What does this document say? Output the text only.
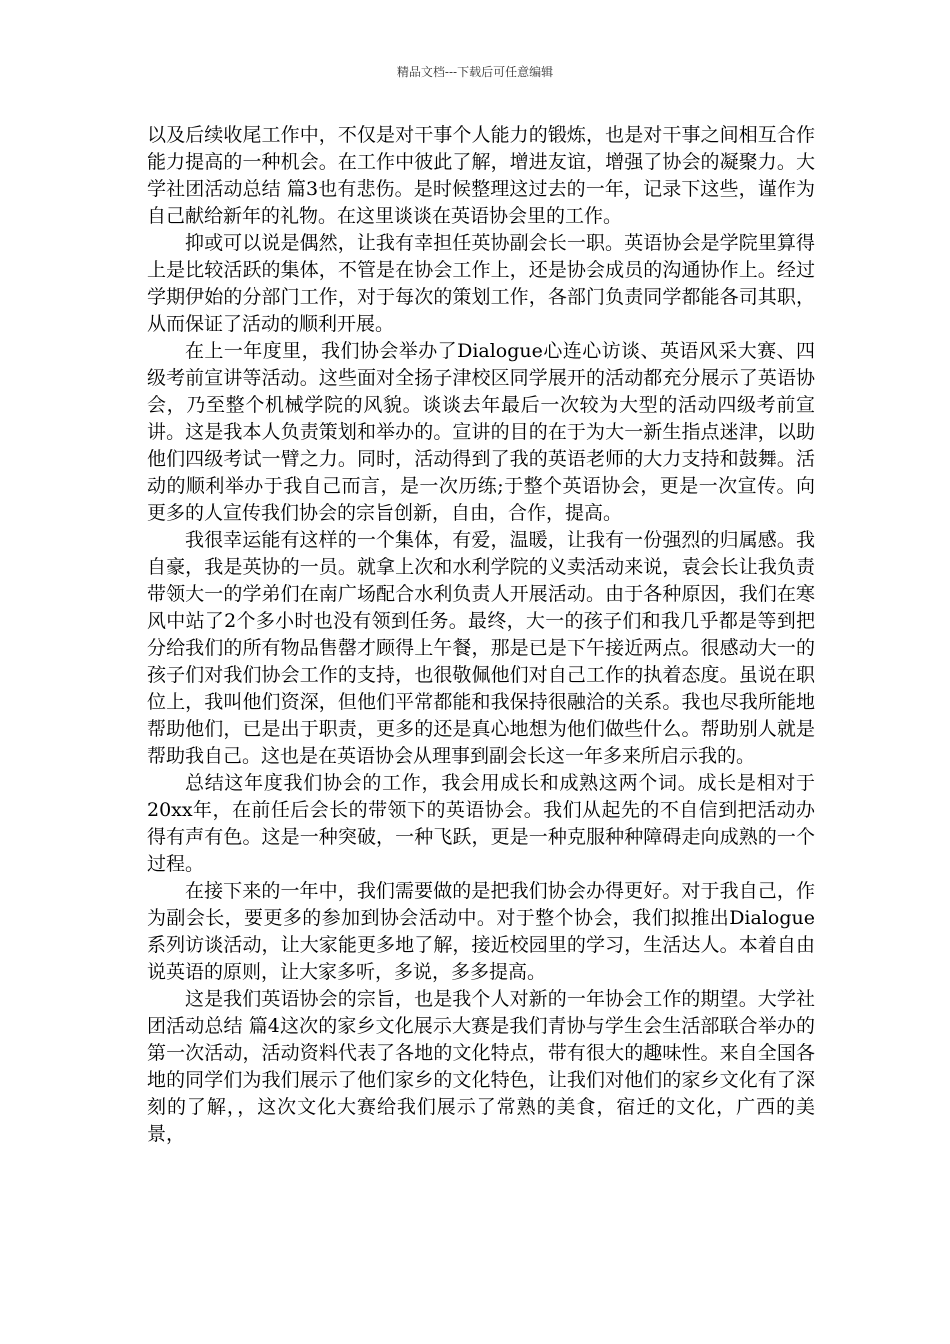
精品文档---下载后可任意编辑

以及后续收尾工作中，不仅是对干事个人能力的锻炼，也是对干事之间相互合作能力提高的一种机会。在工作中彼此了解，增进友谊，增强了协会的凝聚力。大学社团活动总结 篇3也有悲伤。是时候整理这过去的一年，记录下这些，谨作为自己献给新年的礼物。在这里谈谈在英语协会里的工作。

抑或可以说是偶然，让我有幸担任英协副会长一职。英语协会是学院里算得上是比较活跃的集体，不管是在协会工作上，还是协会成员的沟通协作上。经过学期伊始的分部门工作，对于每次的策划工作，各部门负责同学都能各司其职，从而保证了活动的顺利开展。

在上一年度里，我们协会举办了Dialogue心连心访谈、英语风采大赛、四级考前宣讲等活动。这些面对全扬子津校区同学展开的活动都充分展示了英语协会，乃至整个机械学院的风貌。谈谈去年最后一次较为大型的活动四级考前宣讲。这是我本人负责策划和举办的。宣讲的目的在于为大一新生指点迷津，以助他们四级考试一臂之力。同时，活动得到了我的英语老师的大力支持和鼓舞。活动的顺利举办于我自己而言，是一次历练;于整个英语协会，更是一次宣传。向更多的人宣传我们协会的宗旨创新，自由，合作，提高。

我很幸运能有这样的一个集体，有爱，温暖，让我有一份强烈的归属感。我自豪，我是英协的一员。就拿上次和水利学院的义卖活动来说，袁会长让我负责带领大一的学弟们在南广场配合水利负责人开展活动。由于各种原因，我们在寒风中站了2个多小时也没有领到任务。最终，大一的孩子们和我几乎都是等到把分给我们的所有物品售罄才顾得上午餐，那是已是下午接近两点。很感动大一的孩子们对我们协会工作的支持，也很敬佩他们对自己工作的执着态度。虽说在职位上，我叫他们资深，但他们平常都能和我保持很融洽的关系。我也尽我所能地帮助他们，已是出于职责，更多的还是真心地想为他们做些什么。帮助别人就是帮助我自己。这也是在英语协会从理事到副会长这一年多来所启示我的。

总结这年度我们协会的工作，我会用成长和成熟这两个词。成长是相对于20xx年，在前任后会长的带领下的英语协会。我们从起先的不自信到把活动办得有声有色。这是一种突破，一种飞跃，更是一种克服种种障碍走向成熟的一个过程。

在接下来的一年中，我们需要做的是把我们协会办得更好。对于我自己，作为副会长，要更多的参加到协会活动中。对于整个协会，我们拟推出Dialogue系列访谈活动，让大家能更多地了解，接近校园里的学习，生活达人。本着自由说英语的原则，让大家多听，多说，多多提高。

这是我们英语协会的宗旨，也是我个人对新的一年协会工作的期望。大学社团活动总结 篇4这次的家乡文化展示大赛是我们青协与学生会生活部联合举办的第一次活动，活动资料代表了各地的文化特点，带有很大的趣味性。来自全国各地的同学们为我们展示了他们家乡的文化特色，让我们对他们的家乡文化有了深刻的了解，，这次文化大赛给我们展示了常熟的美食，宿迁的文化，广西的美景，
